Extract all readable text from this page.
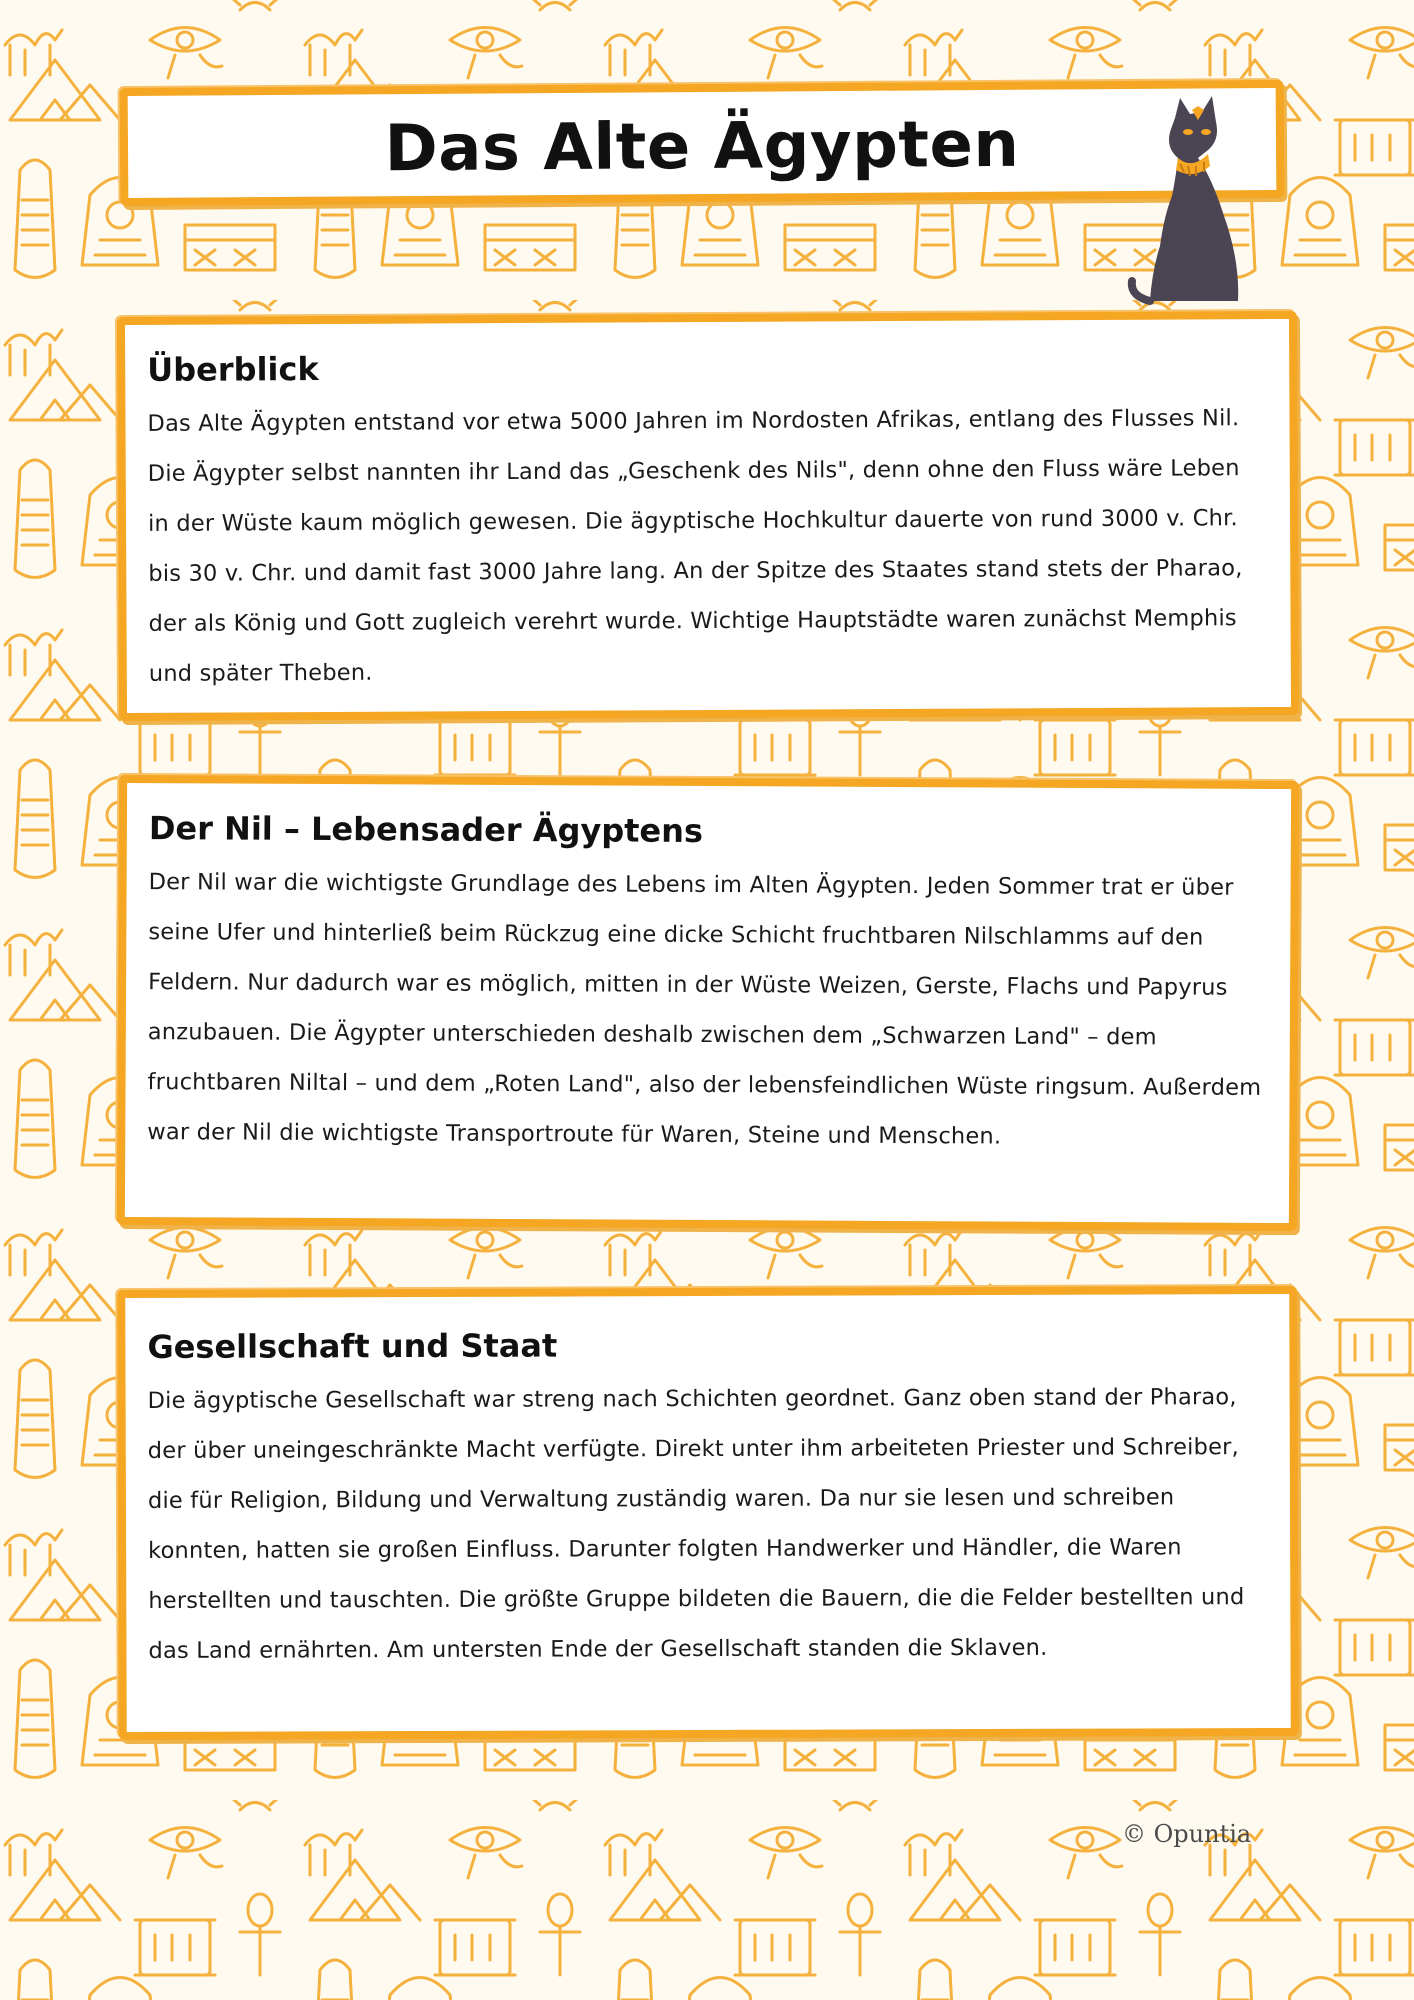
Das Alte Ägypten
Überblick
Das Alte Ägypten entstand vor etwa 5000 Jahren im Nordosten Afrikas, entlang des Flusses Nil. Die Ägypter selbst nannten ihr Land das „Geschenk des Nils", denn ohne den Fluss wäre Leben in der Wüste kaum möglich gewesen. Die ägyptische Hochkultur dauerte von rund 3000 v. Chr. bis 30 v. Chr. und damit fast 3000 Jahre lang. An der Spitze des Staates stand stets der Pharao, der als König und Gott zugleich verehrt wurde. Wichtige Hauptstädte waren zunächst Memphis und später Theben.
Der Nil – Lebensader Ägyptens
Der Nil war die wichtigste Grundlage des Lebens im Alten Ägypten. Jeden Sommer trat er über seine Ufer und hinterließ beim Rückzug eine dicke Schicht fruchtbaren Nilschlamms auf den Feldern. Nur dadurch war es möglich, mitten in der Wüste Weizen, Gerste, Flachs und Papyrus anzubauen. Die Ägypter unterschieden deshalb zwischen dem „Schwarzen Land" – dem fruchtbaren Niltal – und dem „Roten Land", also der lebensfeindlichen Wüste ringsum. Außerdem war der Nil die wichtigste Transportroute für Waren, Steine und Menschen.
Gesellschaft und Staat
Die ägyptische Gesellschaft war streng nach Schichten geordnet. Ganz oben stand der Pharao, der über uneingeschränkte Macht verfügte. Direkt unter ihm arbeiteten Priester und Schreiber, die für Religion, Bildung und Verwaltung zuständig waren. Da nur sie lesen und schreiben konnten, hatten sie großen Einfluss. Darunter folgten Handwerker und Händler, die Waren herstellten und tauschten. Die größte Gruppe bildeten die Bauern, die die Felder bestellten und das Land ernährten. Am untersten Ende der Gesellschaft standen die Sklaven.
© Opuntia
